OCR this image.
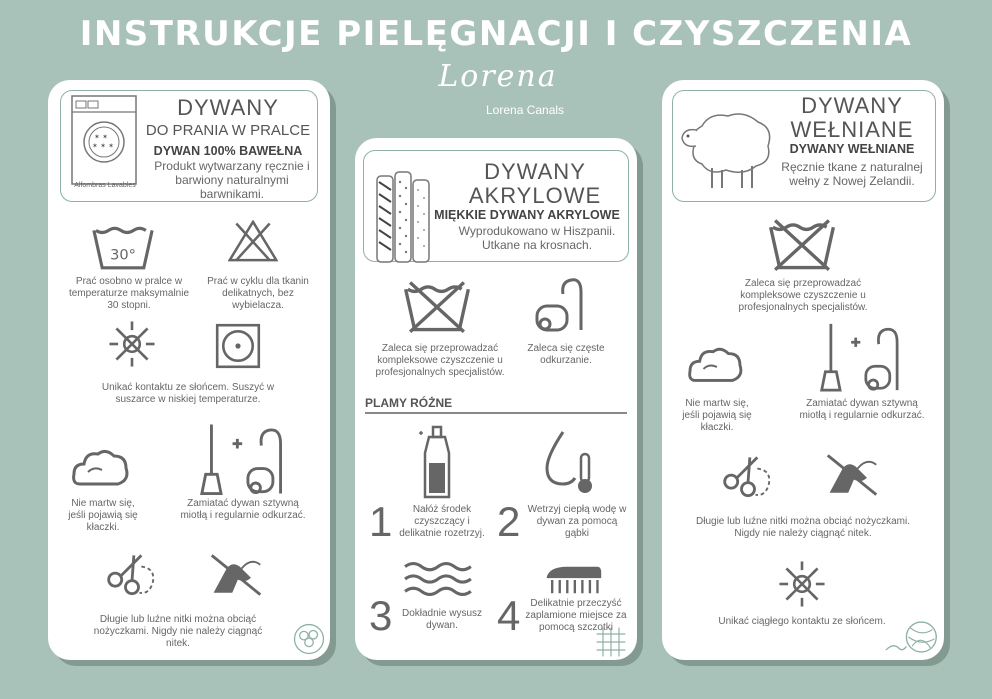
INSTRUKCJE PIELĘGNACJI I CZYSZCZENIA
Lorena
Lorena Canals
✶ ✶
✶ ✶ ✶
Alfombras Lavables
DYWANY
DO PRANIA W PRALCE
DYWAN 100% BAWEŁNA
Produkt wytwarzany ręcznie i barwiony naturalnymi barwnikami.
30°
Prać osobno w pralce w temperaturze maksymalnie 30 stopni.
Prać w cyklu dla tkanin delikatnych, bez wybielacza.
Unikać kontaktu ze słońcem. Suszyć w suszarce w niskiej temperaturze.
Nie martw się, jeśli pojawią się kłaczki.
Zamiatać dywan sztywną miotłą i regularnie odkurzać.
Długie lub luźne nitki można obciąć nożyczkami. Nigdy nie należy ciągnąć nitek.
DYWANY
AKRYLOWE
MIĘKKIE DYWANY AKRYLOWE
Wyprodukowano w Hiszpanii. Utkane na krosnach.
Zaleca się przeprowadzać kompleksowe czyszczenie u profesjonalnych specjalistów.
Zaleca się częste odkurzanie.
PLAMY RÓŻNE
1	Nałóż środek czyszczący i delikatnie rozetrzyj. 2 Wetrzyj ciepłą wodę w dywan za pomocą gąbki
3 Dokładnie wysusz dywan. 4	Delikatnie przeczyść zaplamione miejsce za pomocą szczotki
DYWANY
WEŁNIANE
DYWANY WEŁNIANE
Ręcznie tkane z naturalnej wełny z Nowej Zelandii.
Zaleca się przeprowadzać kompleksowe czyszczenie u profesjonalnych specjalistów.
Nie martw się, jeśli pojawią się kłaczki.
Zamiatać dywan sztywną miotłą i regularnie odkurzać.
Długie lub luźne nitki można obciąć nożyczkami. Nigdy nie należy ciągnąć nitek.
Unikać ciągłego kontaktu ze słońcem.
